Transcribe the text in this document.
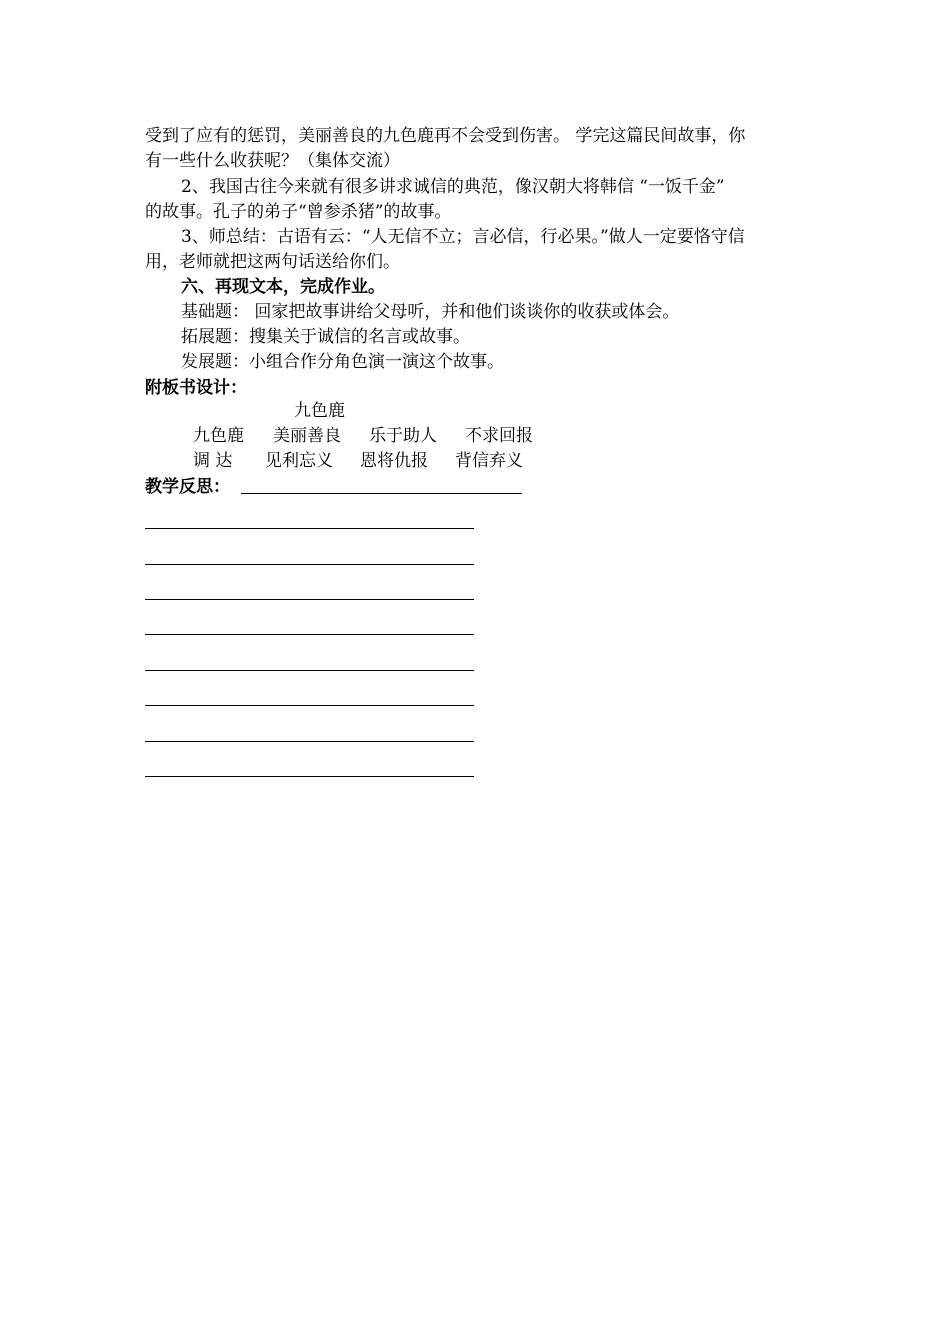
受到了应有的惩罚，美丽善良的九色鹿再不会受到伤害。 学完这篇民间故事，你
有一些什么收获呢？（集体交流）
2、我国古往今来就有很多讲求诚信的典范，像汉朝大将韩信 “一饭千金”
的故事。孔子的弟子“曾参杀猪”的故事。
3、师总结：古语有云：“人无信不立；言必信，行必果。”做人一定要恪守信
用，老师就把这两句话送给你们。
六、再现文本，完成作业。
基础题： 回家把故事讲给父母听，并和他们谈谈你的收获或体会。
拓展题：搜集关于诚信的名言或故事。
发展题：小组合作分角色演一演这个故事。
附板书设计：
九色鹿
九色鹿 美丽善良 乐于助人 不求回报
调 达 见利忘义 恩将仇报 背信弃义
教学反思：
